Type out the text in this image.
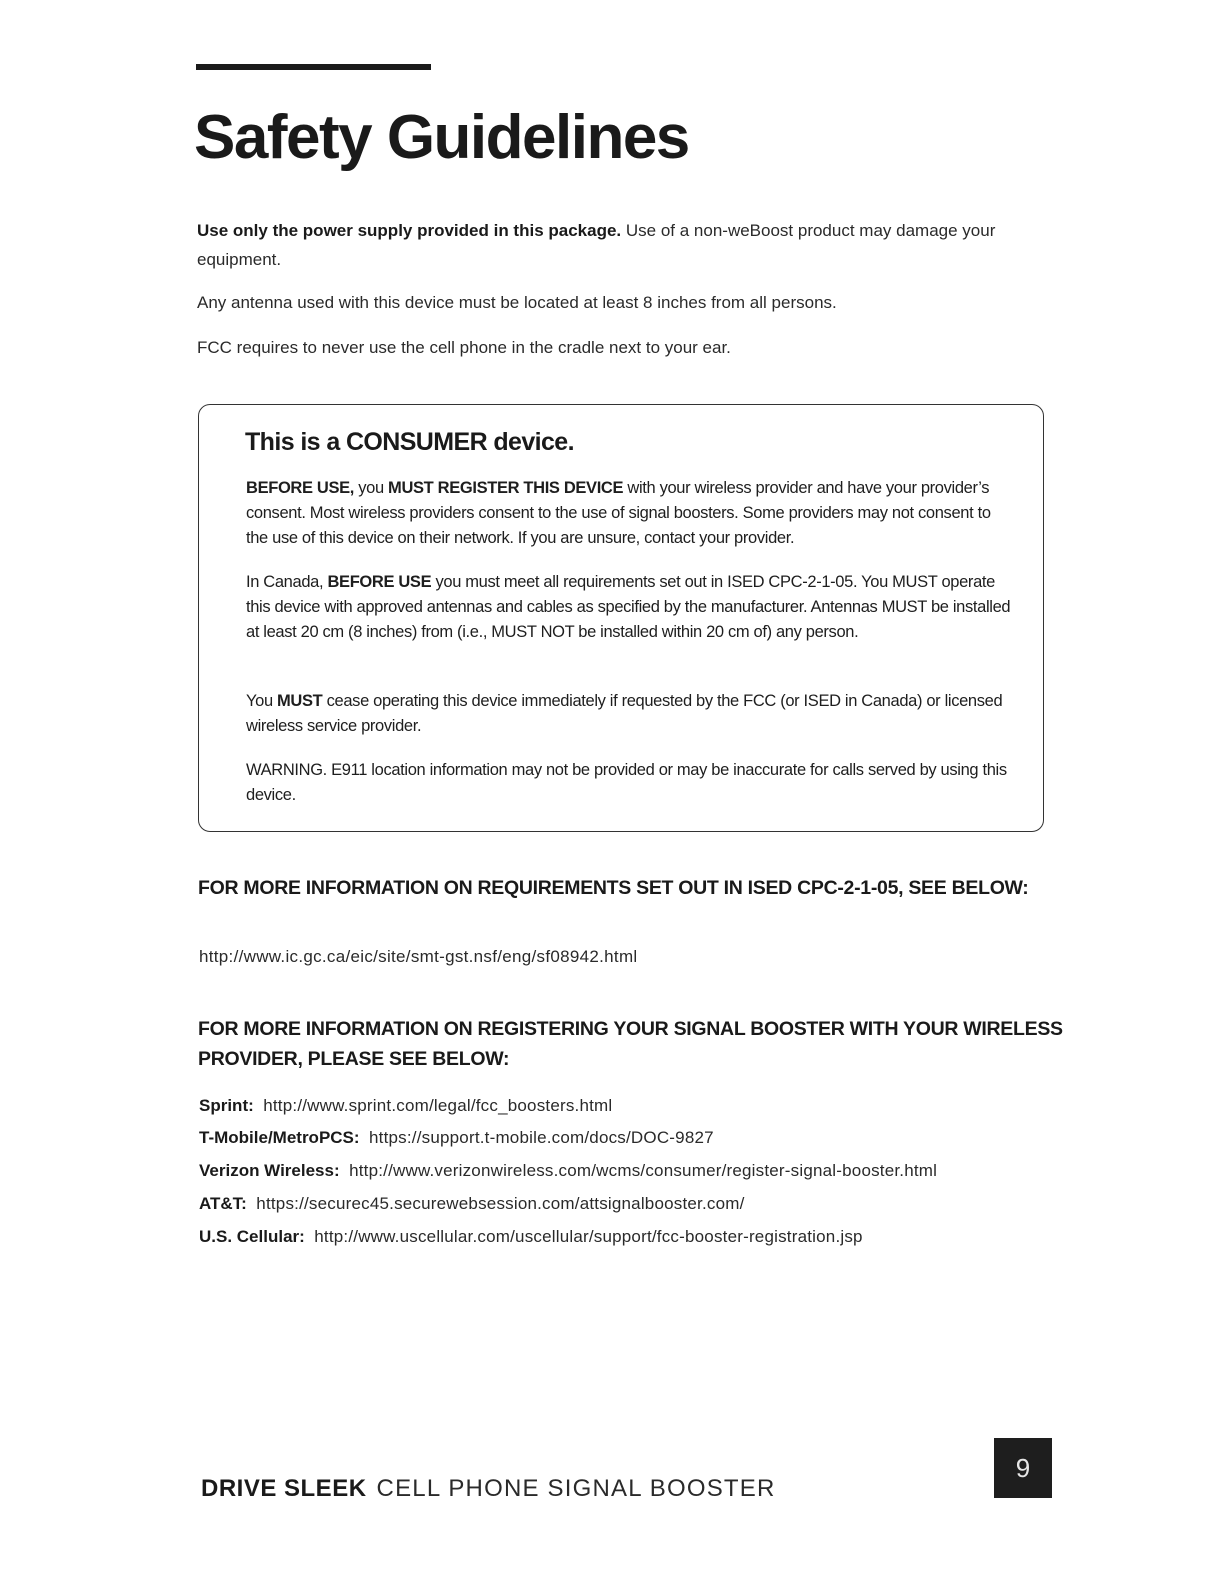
Safety Guidelines

Use only the power supply provided in this package. Use of a non-weBoost product may damage your equipment.

Any antenna used with this device must be located at least 8 inches from all persons.

FCC requires to never use the cell phone in the cradle next to your ear.

This is a CONSUMER device.

BEFORE USE, you MUST REGISTER THIS DEVICE with your wireless provider and have your provider’s consent. Most wireless providers consent to the use of signal boosters. Some providers may not consent to the use of this device on their network. If you are unsure, contact your provider.

In Canada, BEFORE USE you must meet all requirements set out in ISED CPC-2-1-05. You MUST operate this device with approved antennas and cables as specified by the manufacturer. Antennas MUST be installed at least 20 cm (8 inches) from (i.e., MUST NOT be installed within 20 cm of) any person.

You MUST cease operating this device immediately if requested by the FCC (or ISED in Canada) or licensed wireless service provider.

WARNING. E911 location information may not be provided or may be inaccurate for calls served by using this device.

FOR MORE INFORMATION ON REQUIREMENTS SET OUT IN ISED CPC-2-1-05, SEE BELOW:

http://www.ic.gc.ca/eic/site/smt-gst.nsf/eng/sf08942.html

FOR MORE INFORMATION ON REGISTERING YOUR SIGNAL BOOSTER WITH YOUR WIRELESS PROVIDER, PLEASE SEE BELOW:

Sprint: http://www.sprint.com/legal/fcc_boosters.html

T-Mobile/MetroPCS: https://support.t-mobile.com/docs/DOC-9827

Verizon Wireless: http://www.verizonwireless.com/wcms/consumer/register-signal-booster.html

AT&T: https://securec45.securewebsession.com/attsignalbooster.com/

U.S. Cellular: http://www.uscellular.com/uscellular/support/fcc-booster-registration.jsp

DRIVE SLEEK CELL PHONE SIGNAL BOOSTER

9
